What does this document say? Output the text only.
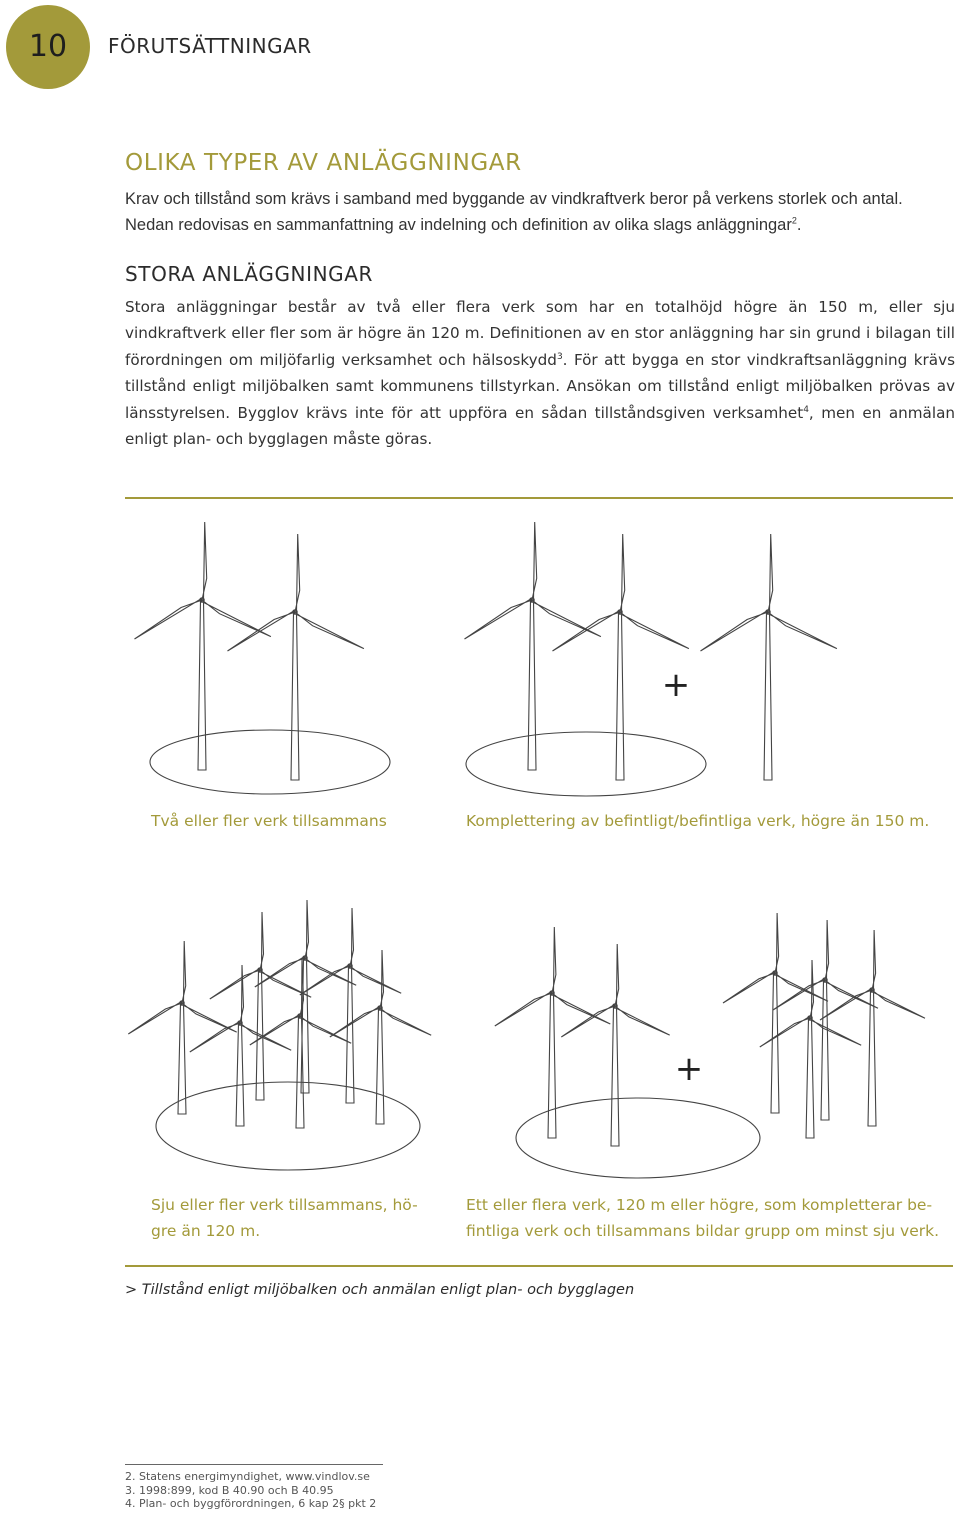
10	FÖRUTSÄTTNINGAR
OLIKA TYPER AV ANLÄGGNINGAR
Krav och tillstånd som krävs i samband med byggande av vindkraftverk beror på verkens storlek och antal.
Nedan redovisas en sammanfattning av indelning och definition av olika slags anläggningar$^2$.
STORA ANLÄGGNINGAR
Stora anläggningar består av två eller flera verk som har en totalhöjd högre än 150 m, eller sju vindkraftverk eller fler som är högre än 120 m. Definitionen av en stor anläggning har sin grund i bilagan till förordningen om miljöfarlig verksamhet och hälsoskydd$^3$. För att bygga en stor vindkraftsanläggning krävs tillstånd enligt miljöbalken samt kommunens tillstyrkan. Ansökan om tillstånd enligt miljöbalken prövas av länsstyrelsen. Bygglov krävs inte för att uppföra en sådan tillståndsgiven verksamhet$^4$, men en anmälan enligt plan- och bygglagen måste göras.
+
Två eller fler verk tillsammans	Komplettering av befintligt/befintliga verk, högre än 150 m.
+
Sju eller fler verk tillsammans, hö-
gre än 120 m.
Ett eller flera verk, 120 m eller högre, som kompletterar be-
fintliga verk och tillsammans bildar grupp om minst sju verk.
> Tillstånd enligt miljöbalken och anmälan enligt plan- och bygglagen
2. Statens energimyndighet, www.vindlov.se
3. 1998:899, kod B 40.90 och B 40.95
4. Plan- och byggförordningen, 6 kap 2§ pkt 2
